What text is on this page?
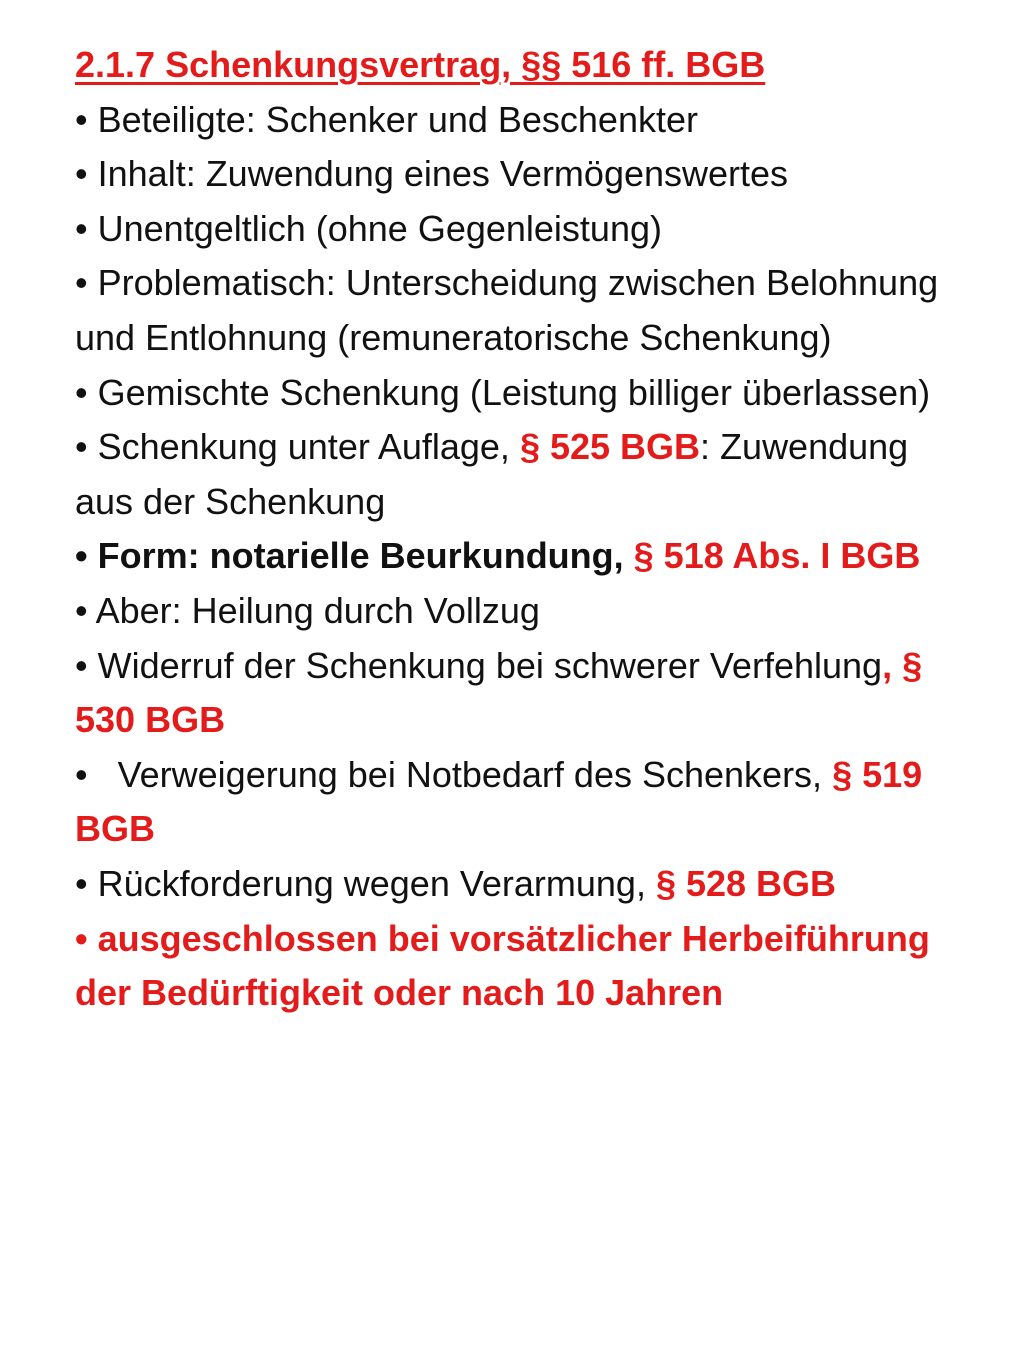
2.1.7 Schenkungsvertrag, §§ 516 ff. BGB

• Beteiligte: Schenker und Beschenkter

• Inhalt: Zuwendung eines Vermögenswertes

• Unentgeltlich (ohne Gegenleistung)

• Problematisch: Unterscheidung zwischen Belohnung und Entlohnung (remuneratorische Schenkung)

• Gemischte Schenkung (Leistung billiger überlassen)

• Schenkung unter Auflage, § 525 BGB: Zuwendung aus der Schenkung

• Form: notarielle Beurkundung, § 518 Abs. I BGB

• Aber: Heilung durch Vollzug

• Widerruf der Schenkung bei schwerer Verfehlung, § 530 BGB

•   Verweigerung bei Notbedarf des Schenkers, § 519 BGB

• Rückforderung wegen Verarmung, § 528 BGB

• ausgeschlossen bei vorsätzlicher Herbeiführung der Bedürftigkeit oder nach 10 Jahren
